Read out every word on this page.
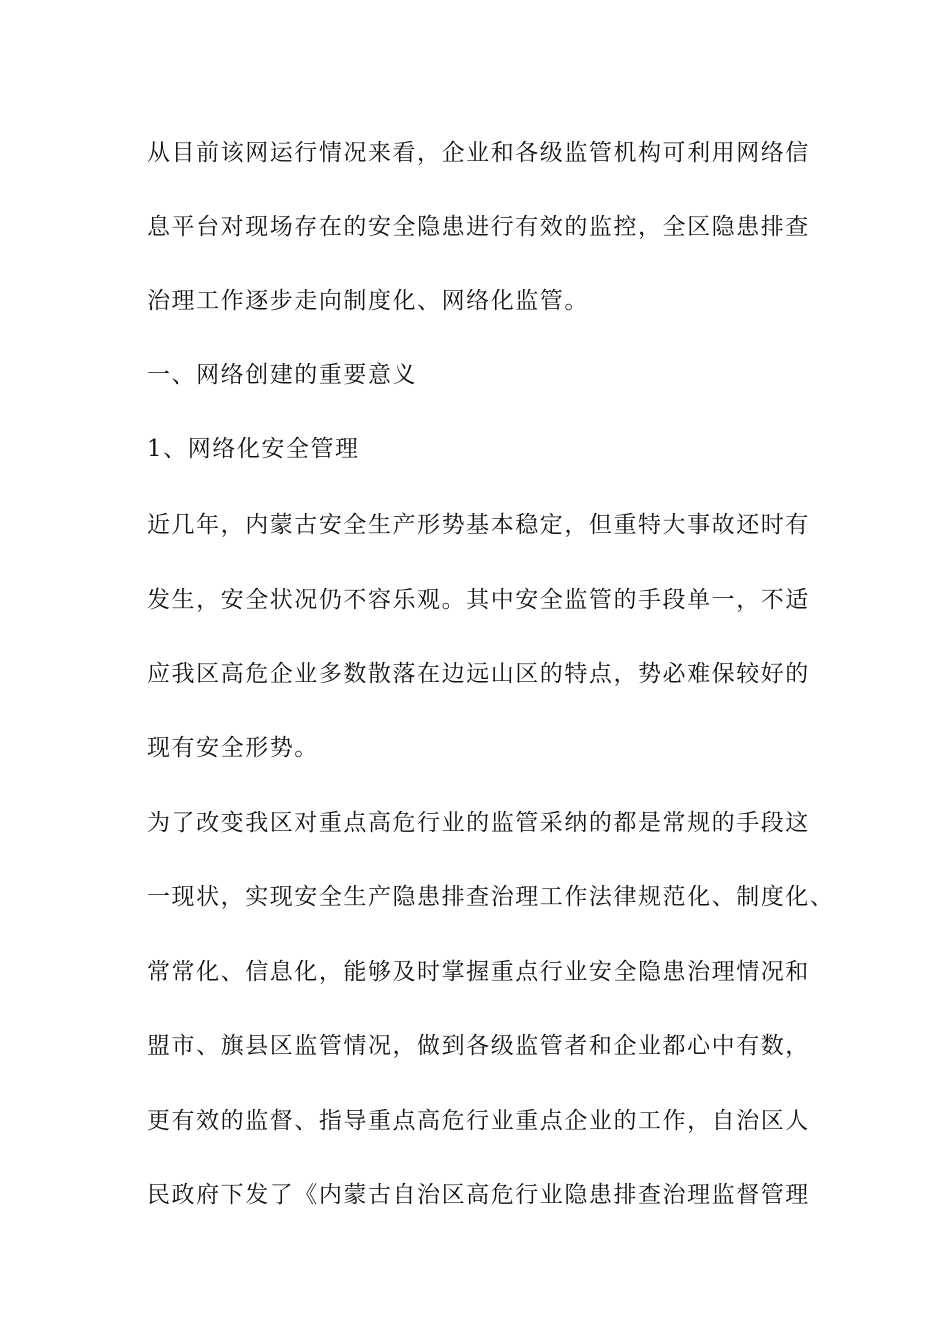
从目前该网运行情况来看，企业和各级监管机构可利用网络信
息平台对现场存在的安全隐患进行有效的监控，全区隐患排查
治理工作逐步走向制度化、网络化监管。
一、网络创建的重要意义
1、网络化安全管理
近几年，内蒙古安全生产形势基本稳定，但重特大事故还时有
发生，安全状况仍不容乐观。其中安全监管的手段单一，不适
应我区高危企业多数散落在边远山区的特点，势必难保较好的
现有安全形势。
为了改变我区对重点高危行业的监管采纳的都是常规的手段这
一现状，实现安全生产隐患排查治理工作法律规范化、制度化、
常常化、信息化，能够及时掌握重点行业安全隐患治理情况和
盟市、旗县区监管情况，做到各级监管者和企业都心中有数，
更有效的监督、指导重点高危行业重点企业的工作，自治区人
民政府下发了《内蒙古自治区高危行业隐患排查治理监督管理
